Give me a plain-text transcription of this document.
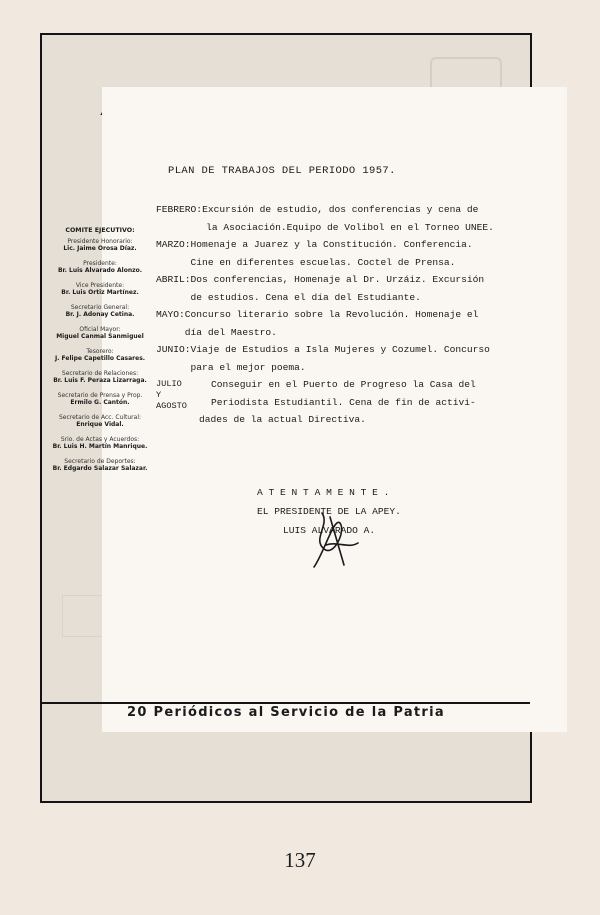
PLAN DE TRABAJOS DEL PERIODO 1957.
COMITE EJECUTIVO:
Presidente Honorario:
Lic. Jaime Orosa Díaz.
Presidente:
Br. Luis Alvarado Alonzo.
Vice Presidente:
Br. Luis Ortiz Martínez.
Secretario General:
Br. J. Adonay Cetina.
Oficial Mayor:
Miguel Canmal Sanmiguel
Tesorero:
J. Felipe Capetillo Casares.
Secretario de Relaciones:
Br. Luis F. Peraza Lizarraga.
Secretario de Prensa y Prop.
Ermilo G. Cantón.
Secretario de Acc. Cultural:
Enrique Vidal.
Srio. de Actas y Acuerdos:
Br. Luis H. Martín Manrique.
Secretario de Deportes:
Br. Edgardo Salazar Salazar.
FEBRERO: Excursión de estudio, dos conferencias y cena de
la Asociación.Equipo de Volibol en el Torneo UNEE.
MARZO: Homenaje a Juarez y la Constitución. Conferencia.
Cine en diferentes escuelas. Coctel de Prensa.
ABRIL: Dos conferencias, Homenaje al Dr. Urzáiz. Excursión
de estudios. Cena el día del Estudiante.
MAYO: Concurso literario sobre la Revolución. Homenaje el
día del Maestro.
JUNIO: Viaje de Estudios a Isla Mujeres y Cozumel. Concurso
para el mejor poema.
JULIO
Y
AGOSTO
Conseguir en el Puerto de Progreso la Casa del
Periodista Estudiantil. Cena de fin de activi-
dades de la actual Directiva.
A T E N T A M E N T E .
EL PRESIDENTE DE LA APEY.
LUIS ALVARADO A.
20 Periódicos al Servicio de la Patria
137
